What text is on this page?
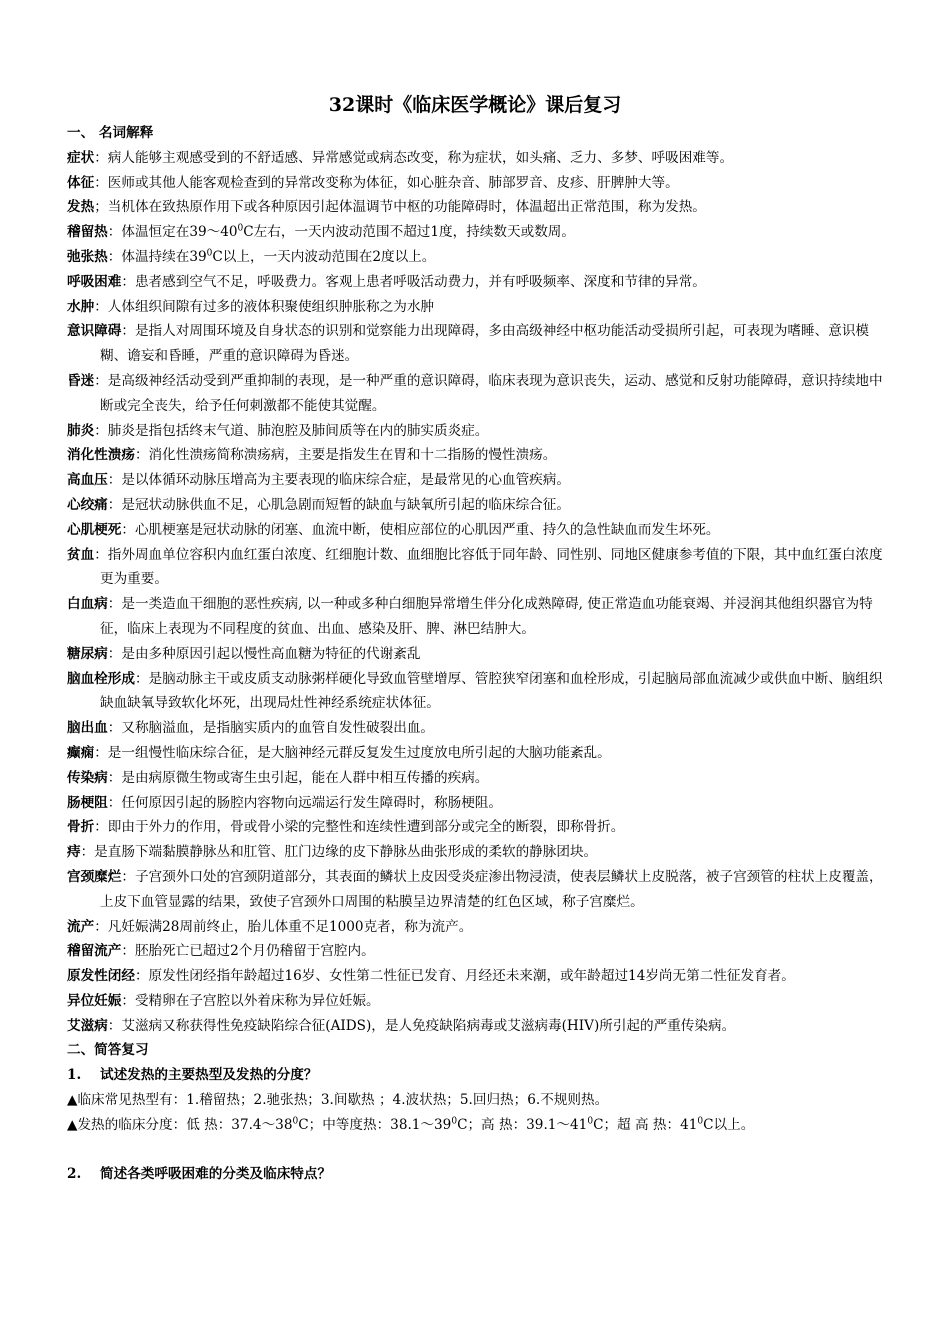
32课时《临床医学概论》课后复习
一、 名词解释
症状：病人能够主观感受到的不舒适感、异常感觉或病态改变，称为症状，如头痛、乏力、多梦、呼吸困难等。
体征：医师或其他人能客观检查到的异常改变称为体征，如心脏杂音、肺部罗音、皮疹、肝脾肿大等。
发热；当机体在致热原作用下或各种原因引起体温调节中枢的功能障碍时，体温超出正常范围，称为发热。
稽留热：体温恒定在$39\sim 40^0C$左右，一天内波动范围不超过1度，持续数天或数周。
弛张热：体温持续在$39^0C$以上，一天内波动范围在2度以上。
呼吸困难：患者感到空气不足，呼吸费力。客观上患者呼吸活动费力，并有呼吸频率、深度和节律的异常。
水肿：人体组织间隙有过多的液体积聚使组织肿胀称之为水肿
意识障碍：是指人对周围环境及自身状态的识别和觉察能力出现障碍，多由高级神经中枢功能活动受损所引起，可表现为嗜睡、意识模糊、谵妄和昏睡，严重的意识障碍为昏迷。
昏迷：是高级神经活动受到严重抑制的表现，是一种严重的意识障碍，临床表现为意识丧失，运动、感觉和反射功能障碍，意识持续地中断或完全丧失，给予任何刺激都不能使其觉醒。
肺炎：肺炎是指包括终末气道、肺泡腔及肺间质等在内的肺实质炎症。
消化性溃疡：消化性溃疡简称溃疡病，主要是指发生在胃和十二指肠的慢性溃疡。
高血压：是以体循环动脉压增高为主要表现的临床综合症，是最常见的心血管疾病。
心绞痛：是冠状动脉供血不足，心肌急剧而短暂的缺血与缺氧所引起的临床综合征。
心肌梗死：心肌梗塞是冠状动脉的闭塞、血流中断，使相应部位的心肌因严重、持久的急性缺血而发生坏死。
贫血：指外周血单位容积内血红蛋白浓度、红细胞计数、血细胞比容低于同年龄、同性别、同地区健康参考值的下限，其中血红蛋白浓度更为重要。
白血病：是一类造血干细胞的恶性疾病, 以一种或多种白细胞异常增生伴分化成熟障碍, 使正常造血功能衰竭、并浸润其他组织器官为特征，临床上表现为不同程度的贫血、出血、感染及肝、脾、淋巴结肿大。
糖尿病：是由多种原因引起以慢性高血糖为特征的代谢紊乱
脑血栓形成：是脑动脉主干或皮质支动脉粥样硬化导致血管壁增厚、管腔狭窄闭塞和血栓形成，引起脑局部血流减少或供血中断、脑组织缺血缺氧导致软化坏死，出现局灶性神经系统症状体征。
脑出血：又称脑溢血，是指脑实质内的血管自发性破裂出血。
癫痫：是一组慢性临床综合征，是大脑神经元群反复发生过度放电所引起的大脑功能紊乱。
传染病：是由病原微生物或寄生虫引起，能在人群中相互传播的疾病。
肠梗阻：任何原因引起的肠腔内容物向远端运行发生障碍时，称肠梗阻。
骨折：即由于外力的作用，骨或骨小梁的完整性和连续性遭到部分或完全的断裂，即称骨折。
痔：是直肠下端黏膜静脉丛和肛管、肛门边缘的皮下静脉丛曲张形成的柔软的静脉团块。
宫颈糜烂：子宫颈外口处的宫颈阴道部分，其表面的鳞状上皮因受炎症渗出物浸渍，使表层鳞状上皮脱落，被子宫颈管的柱状上皮覆盖，上皮下血管显露的结果，致使子宫颈外口周围的粘膜呈边界清楚的红色区域，称子宫糜烂。
流产：凡妊娠满28周前终止，胎儿体重不足1000克者，称为流产。
稽留流产：胚胎死亡已超过2个月仍稽留于宫腔内。
原发性闭经：原发性闭经指年龄超过16岁、女性第二性征已发育、月经还未来潮，或年龄超过14岁尚无第二性征发育者。
异位妊娠：受精卵在子宫腔以外着床称为异位妊娠。
艾滋病：艾滋病又称获得性免疫缺陷综合征(AIDS)，是人免疫缺陷病毒或艾滋病毒(HIV)所引起的严重传染病。
二、简答复习
1. 试述发热的主要热型及发热的分度？
▲临床常见热型有：1.稽留热；2.驰张热；3.间歇热 ；4.波状热；5.回归热；6.不规则热。
▲发热的临床分度：低 热：$37.4\sim 38^0C$；中等度热：$38.1\sim 39^0C$；高 热：$39.1\sim 41^0C$；超 高 热：$41^0C$以上。
2. 简述各类呼吸困难的分类及临床特点？
